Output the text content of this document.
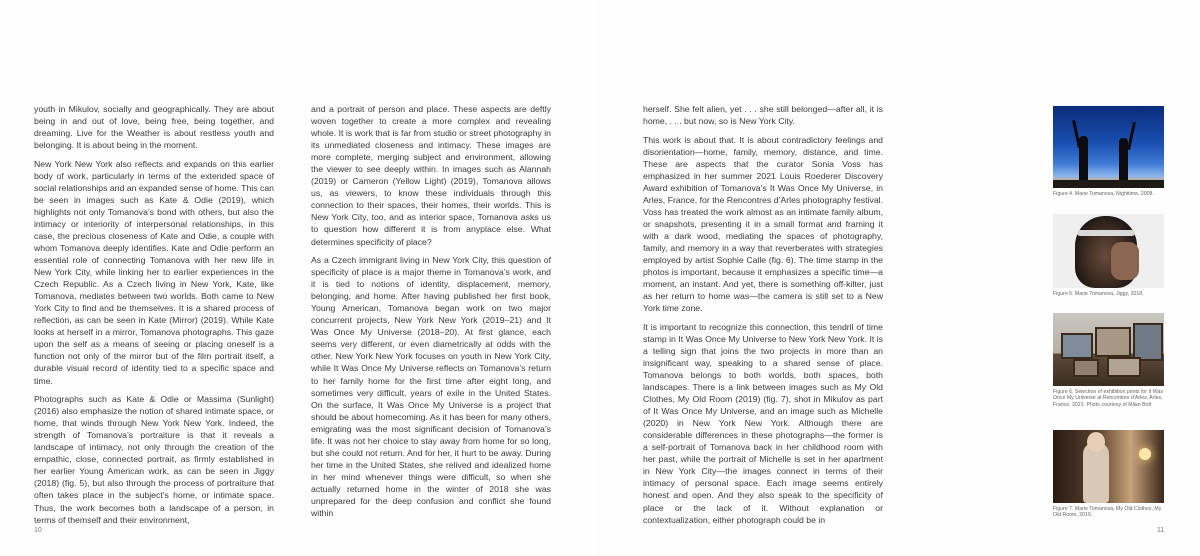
youth in Mikulov, socially and geographically. They are about being in and out of love, being free, being together, and dreaming. Live for the Weather is about restless youth and belonging. It is about being in the moment.

New York New York also reflects and expands on this earlier body of work, particularly in terms of the extended space of social relationships and an expanded sense of home. This can be seen in images such as Kate & Odie (2019), which highlights not only Tomanova’s bond with others, but also the intimacy or interiority of interpersonal relationships, in this case, the precious closeness of Kate and Odie, a couple with whom Tomanova deeply identifies. Kate and Odie perform an essential role of connecting Tomanova with her new life in New York City, while linking her to earlier experiences in the Czech Republic. As a Czech living in New York, Kate, like Tomanova, mediates between two worlds. Both came to New York City to find and be themselves. It is a shared process of reflection, as can be seen in Kate (Mirror) (2019). While Kate looks at herself in a mirror, Tomanova photographs. This gaze upon the self as a means of seeing or placing oneself is a function not only of the mirror but of the film portrait itself, a durable visual record of identity tied to a specific space and time.

Photographs such as Kate & Odie or Massima (Sunlight) (2016) also emphasize the notion of shared intimate space, or home, that winds through New York New York. Indeed, the strength of Tomanova’s portraiture is that it reveals a landscape of intimacy, not only through the creation of the empathic, close, connected portrait, as firmly established in her earlier Young American work, as can be seen in Jiggy (2018) (fig. 5), but also through the process of portraiture that often takes place in the subject’s home, or intimate space. Thus, the work becomes both a landscape of a person, in terms of themself and their environment,

and a portrait of person and place. These aspects are deftly woven together to create a more complex and revealing whole. It is work that is far from studio or street photography in its unmediated closeness and intimacy. These images are more complete, merging subject and environment, allowing the viewer to see deeply within. In images such as Alannah (2019) or Cameron (Yellow Light) (2019), Tomanova allows us, as viewers, to know these individuals through this connection to their spaces, their homes, their worlds. This is New York City, too, and as interior space, Tomanova asks us to question how different it is from anyplace else. What determines specificity of place?

As a Czech immigrant living in New York City, this question of specificity of place is a major theme in Tomanova’s work, and it is tied to notions of identity, displacement, memory, belonging, and home. After having published her first book, Young American, Tomanova began work on two major concurrent projects, New York New York (2019–21) and It Was Once My Universe (2018–20). At first glance, each seems very different, or even diametrically at odds with the other. New York New York focuses on youth in New York City, while It Was Once My Universe reflects on Tomanova’s return to her family home for the first time after eight long, and sometimes very difficult, years of exile in the United States. On the surface, It Was Once My Universe is a project that should be about homecoming. As it has been for many others, emigrating was the most significant decision of Tomanova’s life. It was not her choice to stay away from home for so long, but she could not return. And for her, it hurt to be away. During her time in the United States, she relived and idealized home in her mind whenever things were difficult, so when she actually returned home in the winter of 2018 she was unprepared for the deep confusion and conflict she found within

10	11

herself. She felt alien, yet . . . she still belonged—after all, it is home, . . . but now, so is New York City.

This work is about that. It is about contradictory feelings and disorientation—home, family, memory, distance, and time. These are aspects that the curator Sonia Voss has emphasized in her summer 2021 Louis Roederer Discovery Award exhibition of Tomanova’s It Was Once My Universe, in Arles, France, for the Rencontres d’Arles photography festival. Voss has treated the work almost as an intimate family album, or snapshots, presenting it in a small format and framing it with a dark wood, mediating the spaces of photography, family, and memory in a way that reverberates with strategies employed by artist Sophie Calle (fig. 6). The time stamp in the photos is important, because it emphasizes a specific time—a moment, an instant. And yet, there is something off-kilter, just as her return to home was—the camera is still set to a New York time zone.

It is important to recognize this connection, this tendril of time stamp in It Was Once My Universe to New York New York. It is a telling sign that joins the two projects in more than an insignificant way, speaking to a shared sense of place. Tomanova belongs to both worlds, both spaces, both landscapes. There is a link between images such as My Old Clothes, My Old Room (2019) (fig. 7), shot in Mikulov as part of It Was Once My Universe, and an image such as Michelle (2020) in New York New York. Although there are considerable differences in these photographs—the former is a self-portrait of Tomanova back in her childhood room with her past, while the portrait of Michelle is set in her apartment in New York City—the images connect in terms of their intimacy of personal space. Each image seems entirely honest and open. And they also speak to the specificity of place or the lack of it. Without explanation or contextualization, either photograph could be in

Figure 4. Marie Tomanova, Nighttime, 2008.
Figure 5. Marie Tomanova, Jiggy, 2018.
Figure 6. Selection of exhibition prints for It Was Once My Universe at Rencontres d’Arles, Arles, France, 2021. Photo courtesy of Milan Bntt
Figure 7. Marie Tomanova, My Old Clothes, My Old Room, 2019.
